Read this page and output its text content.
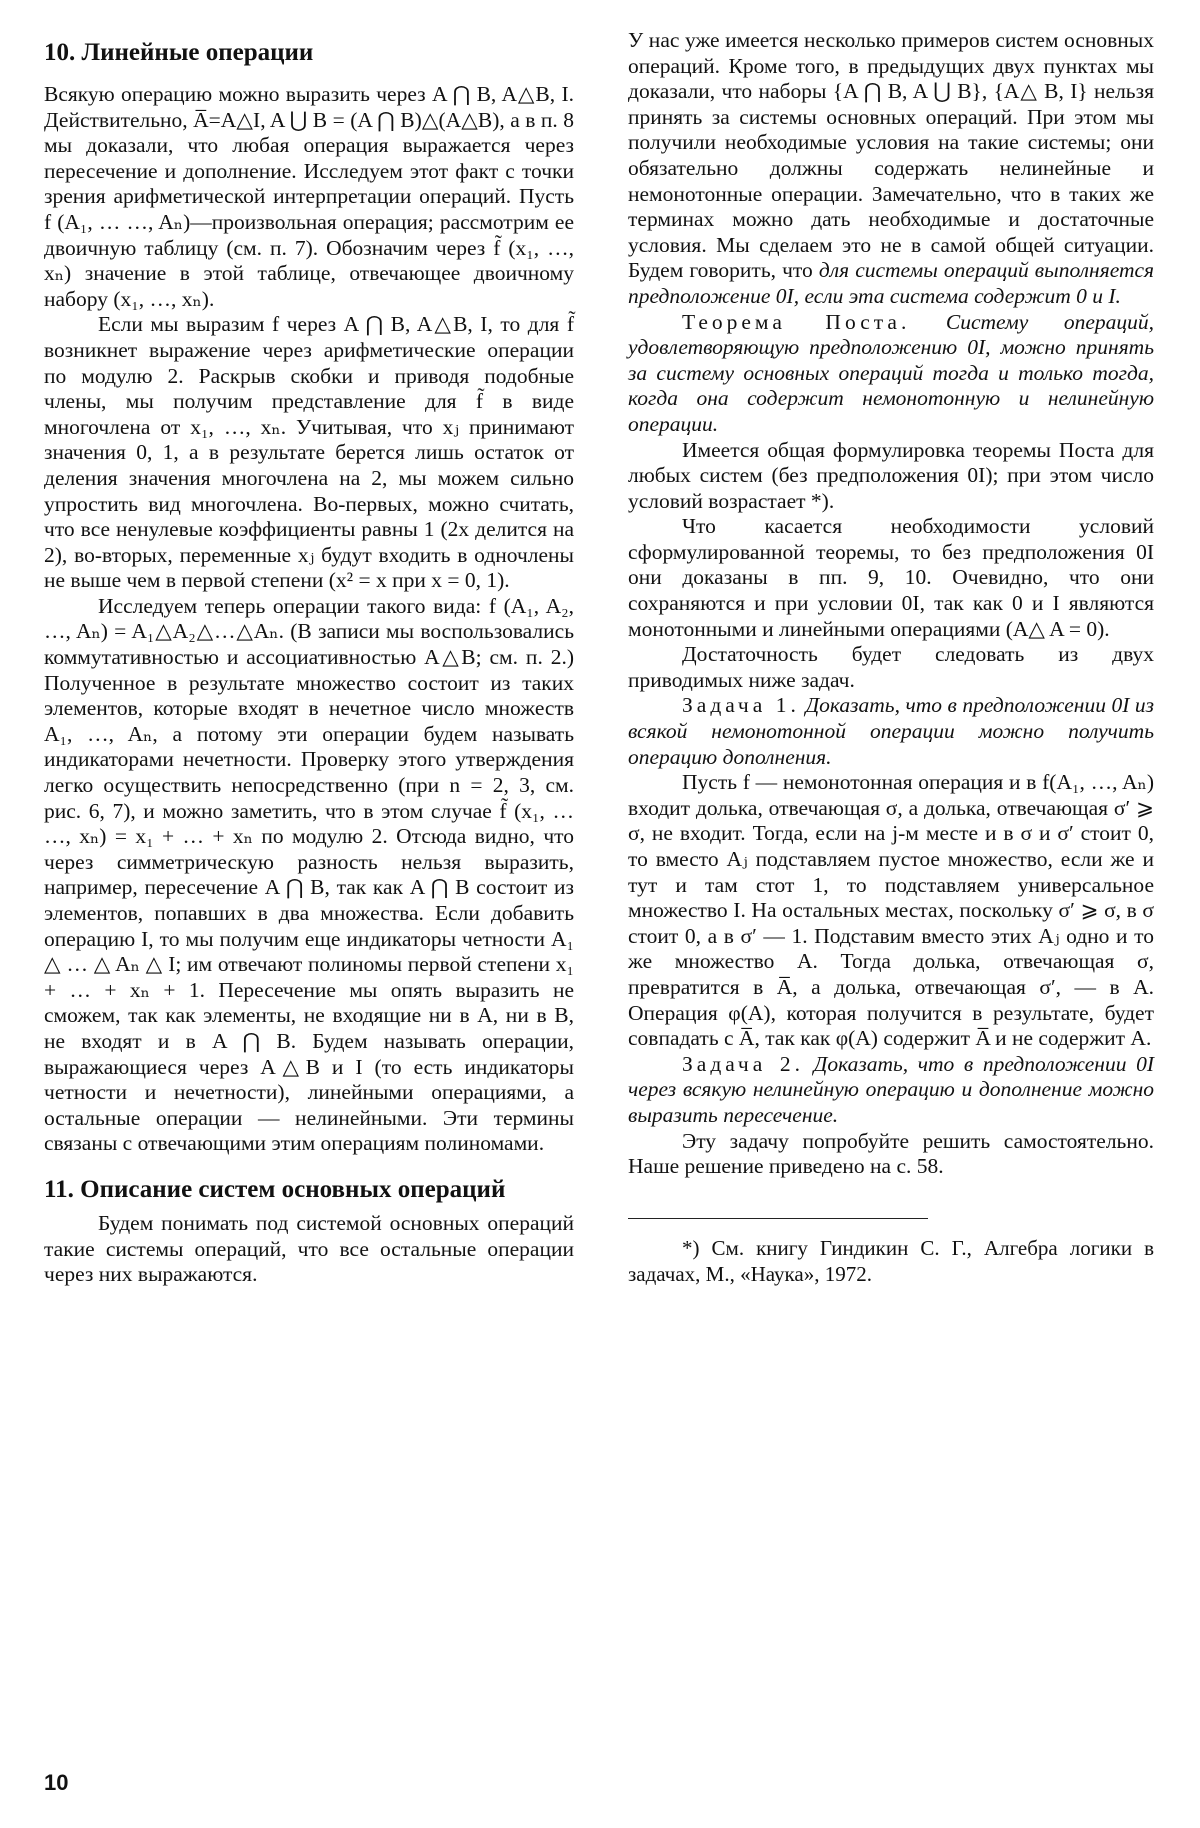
10. Линейные операции

Всякую операцию можно выразить через A ⋂ B, A△B, I. Действительно, A̅=A△I, A ⋃ B = (A ⋂ B)△(A△B), а в п. 8 мы доказали, что любая операция выражается через пересечение и дополнение. Исследуем этот факт с точки зрения арифметической интерпретации операций. Пусть f (A₁, … …, Aₙ)—произвольная операция; рассмотрим ее двоичную таблицу (см. п. 7). Обозначим через f̃ (x₁, …, xₙ) значение в этой таблице, отвечающее двоичному набору (x₁, …, xₙ).

Если мы выразим f через A ⋂ B, A△B, I, то для f̃ возникнет выражение через арифметические операции по модулю 2. Раскрыв скобки и приводя подобные члены, мы получим представление для f̃ в виде многочлена от x₁, …, xₙ. Учитывая, что xⱼ принимают значения 0, 1, а в результате берется лишь остаток от деления значения многочлена на 2, мы можем сильно упростить вид многочлена. Во-первых, можно считать, что все ненулевые коэффициенты равны 1 (2x делится на 2), во-вторых, переменные xⱼ будут входить в одночлены не выше чем в первой степени (x² = x при x = 0, 1).

Исследуем теперь операции такого вида: f (A₁, A₂, …, Aₙ) = A₁△A₂△…△Aₙ. (В записи мы воспользовались коммутативностью и ассоциативностью A△B; см. п. 2.) Полученное в результате множество состоит из таких элементов, которые входят в нечетное число множеств A₁, …, Aₙ, а потому эти операции будем называть индикаторами нечетности. Проверку этого утверждения легко осуществить непосредственно (при n = 2, 3, см. рис. 6, 7), и можно заметить, что в этом случае f̃ (x₁, … …, xₙ) = x₁ + … + xₙ по модулю 2. Отсюда видно, что через симметрическую разность нельзя выразить, например, пересечение A ⋂ B, так как A ⋂ B состоит из элементов, попавших в два множества. Если добавить операцию I, то мы получим еще индикаторы четности A₁ △ … △ Aₙ △ I; им отвечают полиномы первой степени x₁ + … + xₙ + 1. Пересечение мы опять выразить не сможем, так как элементы, не входящие ни в A, ни в B, не входят и в A ⋂ B. Будем называть операции, выражающиеся через A△B и I (то есть индикаторы четности и нечетности), линейными операциями, а остальные операции — нелинейными. Эти термины связаны с отвечающими этим операциям полиномами.

11. Описание систем основных операций

Будем понимать под системой основных операций такие системы операций, что все остальные операции через них выражаются.

У нас уже имеется несколько примеров систем основных операций. Кроме того, в предыдущих двух пунктах мы доказали, что наборы {A ⋂ B, A ⋃ B}, {A△ B, I} нельзя принять за системы основных операций. При этом мы получили необходимые условия на такие системы; они обязательно должны содержать нелинейные и немонотонные операции. Замечательно, что в таких же терминах можно дать необходимые и достаточные условия. Мы сделаем это не в самой общей ситуации. Будем говорить, что для системы операций выполняется предположение 0I, если эта система содержит 0 и I.

Теорема Поста. Систему операций, удовлетворяющую предположению 0I, можно принять за систему основных операций тогда и только тогда, когда она содержит немонотонную и нелинейную операции.

Имеется общая формулировка теоремы Поста для любых систем (без предположения 0I); при этом число условий возрастает *).

Что касается необходимости условий сформулированной теоремы, то без предположения 0I они доказаны в пп. 9, 10. Очевидно, что они сохраняются и при условии 0I, так как 0 и I являются монотонными и линейными операциями (A△ A = 0).

Достаточность будет следовать из двух приводимых ниже задач.

Задача 1. Доказать, что в предположении 0I из всякой немонотонной операции можно получить операцию дополнения.

Пусть f — немонотонная операция и в f(A₁, …, Aₙ) входит долька, отвечающая σ, а долька, отвечающая σ′ ⩾ σ, не входит. Тогда, если на j-м месте и в σ и σ′ стоит 0, то вместо Aⱼ подставляем пустое множество, если же и тут и там стот 1, то подставляем универсальное множество I. На остальных местах, поскольку σ′ ⩾ σ, в σ стоит 0, а в σ′ — 1. Подставим вместо этих Aⱼ одно и то же множество A. Тогда долька, отвечающая σ, превратится в A̅, а долька, отвечающая σ′, — в A. Операция φ(A), которая получится в результате, будет совпадать с A̅, так как φ(A) содержит A̅ и не содержит A.

Задача 2. Доказать, что в предположении 0I через всякую нелинейную операцию и дополнение можно выразить пересечение.

Эту задачу попробуйте решить самостоятельно. Наше решение приведено на с. 58.

*) См. книгу Гиндикин С. Г., Алгебра логики в задачах, М., «Наука», 1972.

10
